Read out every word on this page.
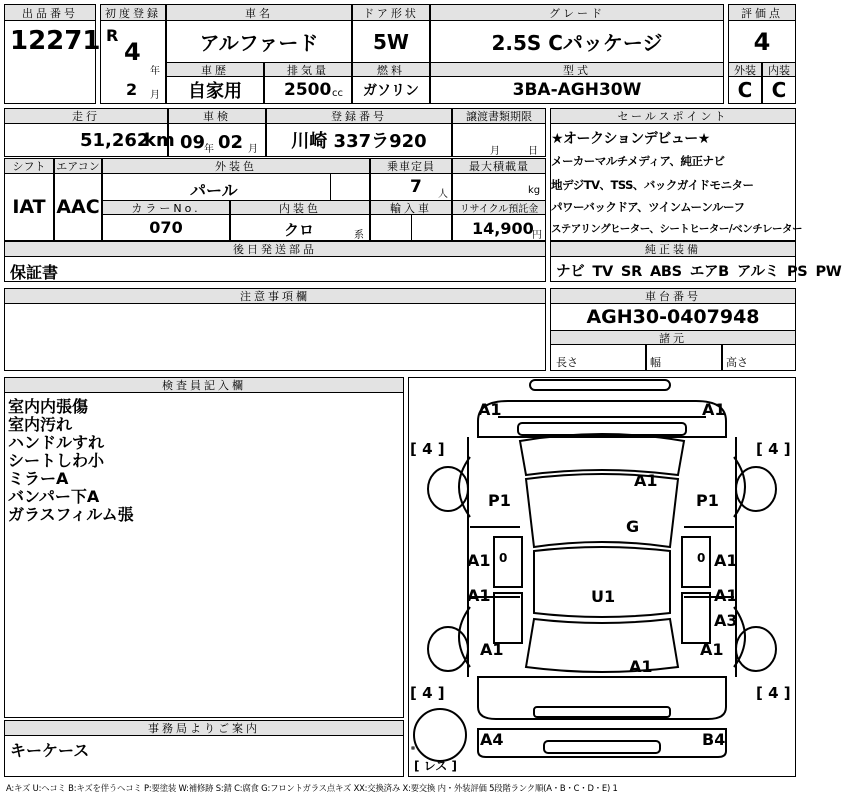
出品番号
12271
初度登録
R
4
年
2 月
車名
アルファード
ドア形状
5W
グレード
2.5S Cパッケージ
評価点
4
車歴
自家用
排気量
2500 cc
燃料
ガソリン
型式
3BA-AGH30W
外装	内装
C C
走行
51,262
km
車検
09
年 02 月
登録番号
川崎 337ラ920
譲渡書類期限
月	日
シフト エアコン
IAT AAC
外装色
パール
乗車定員
7 人
最大積載量
kg
カラーNo.
070
内装色
クロ	系
輸入車	リサイクル預託金
14,900
円
後日発送部品
保証書
注意事項欄
セールスポイント
★オークションデビュー★
メーカーマルチメディア、純正ナビ
地デジTV、TSS、バックガイドモニター
パワーバックドア、ツインムーンルーフ
ステアリングヒーター、シートヒーター/ベンチレーター
純正装備
ナビ TV SR ABS エアB アルミ PS PW
車台番号
AGH30-0407948
諸元
長さ	幅	高さ
検査員記入欄
室内内張傷
室内汚れ
ハンドルすれ
シートしわ小
ミラーA
バンパー下A
ガラスフィルム張
事務局よりご案内
キーケース
A1	A1
A1
P1	P1
G
A1 0	0 A1
A1	U1	A1
A3
A1	A1
A1
A4	B4
[ 4 ]	[ 4 ]
[ 4 ]	[ 4 ]
[ レス ]
A:キズ U:ヘコミ B:キズを伴うヘコミ P:要塗装 W:補修跡 S:錆 C:腐食 G:フロントガラス点キズ XX:交換済み X:要交換 内・外装評価 5段階ランク順(A・B・C・D・E) 1
